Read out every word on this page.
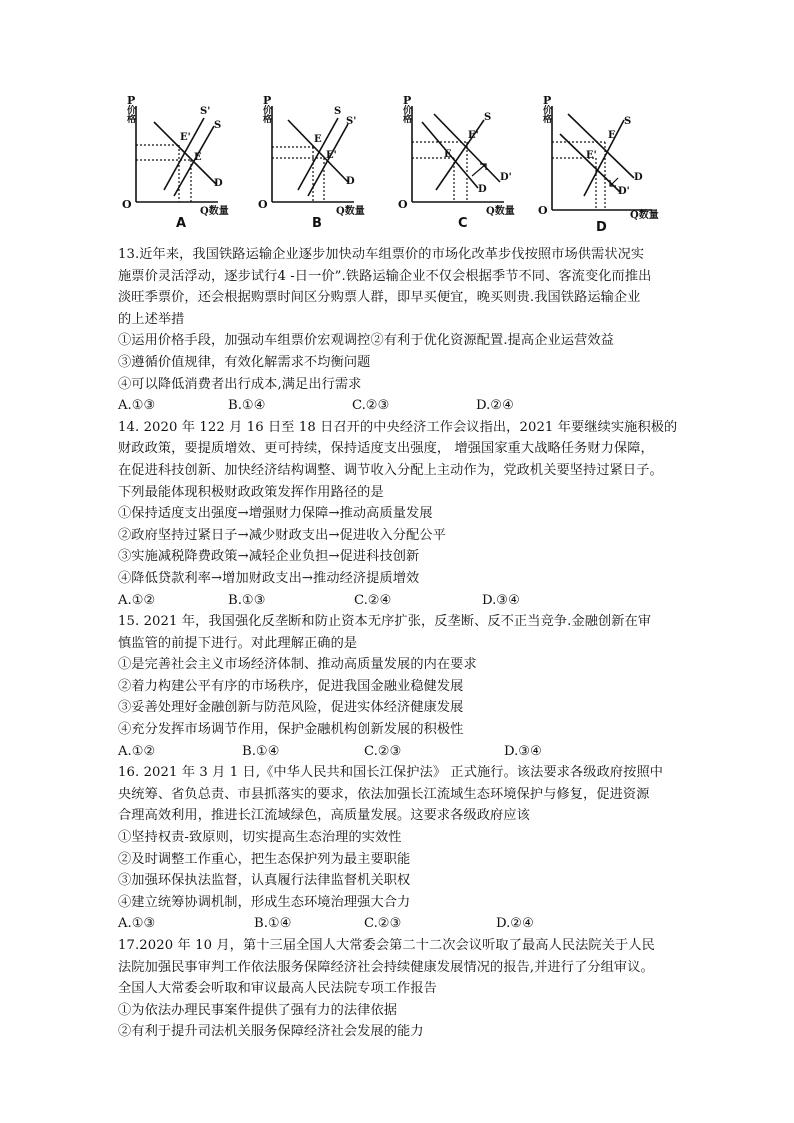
P
价格
O
Q数量
S'
S
D
E'
E
A
P
价格
O
Q数量
S
S'
D
E
E'
B
P
价格
O
Q数量
S
D
D'
E
E'
C
P
价格
O	Q数量
S
D
D'
E
E'
D
13.近年来，我国铁路运输企业逐步加快动车组票价的市场化改革步伐按照市场供需状况实
施票价灵活浮动，逐步试行4 -日一价”.铁路运输企业不仅会根据季节不同、客流变化而推出
淡旺季票价，还会根据购票时间区分购票人群，即早买便宜，晚买则贵.我国铁路运输企业
的上述举措
①运用价格手段，加强动车组票价宏观调控②有利于优化资源配置.提高企业运营效益
③遵循价值规律，有效化解需求不均衡问题
④可以降低消费者出行成本,满足出行需求
A.①③	B.①④	C.②③	D.②④
14. 2020 年 122 月 16 日至 18 日召开的中央经济工作会议指出，2021 年要继续实施积极的
财政政策，要提质增效、更可持续，保持适度支出强度， 增强国家重大战略任务财力保障，
在促进科技创新、加快经济结构调整、调节收入分配上主动作为，党政机关要坚持过紧日子。
下列最能体现积极财政政策发挥作用路径的是
①保持适度支出强度→增强财力保障→推动高质量发展
②政府坚持过紧日子→减少财政支出→促进收入分配公平
③实施减税降费政策→减轻企业负担→促进科技创新
④降低贷款利率→增加财政支出→推动经济提质增效
A.①②	B.①③	C.②④	D.③④
15. 2021 年，我国强化反垄断和防止资本无序扩张，反垄断、反不正当竞争.金融创新在审
慎监管的前提下进行。对此理解正确的是
①是完善社会主义市场经济体制、推动高质量发展的内在要求
②着力构建公平有序的市场秩序，促进我国金融业稳健发展
③妥善处理好金融创新与防范风险，促进实体经济健康发展
④充分发挥市场调节作用，保护金融机构创新发展的积极性
A.①②	B.①④	C.②③	D.③④
16. 2021 年 3 月 1 日,《中华人民共和国长江保护法》 正式施行。该法要求各级政府按照中
央统筹、省负总责、市县抓落实的要求，依法加强长江流域生态环境保护与修复，促进资源
合理高效利用，推进长江流域绿色，高质量发展。这要求各级政府应该
①坚持权责-致原则，切实提高生态治理的实效性
②及时调整工作重心，把生态保护列为最主要职能
③加强环保执法监督，认真履行法律监督机关职权
④建立统筹协调机制，形成生态环境治理强大合力
A.①③	B.①④	C.②③	D.②④
17.2020 年 10 月，第十三届全国人大常委会第二十二次会议听取了最高人民法院关于人民
法院加强民事审判工作依法服务保障经济社会持续健康发展情况的报告,并进行了分组审议。
全国人大常委会听取和审议最高人民法院专项工作报告
①为依法办理民事案件提供了强有力的法律依据
②有利于提升司法机关服务保障经济社会发展的能力
